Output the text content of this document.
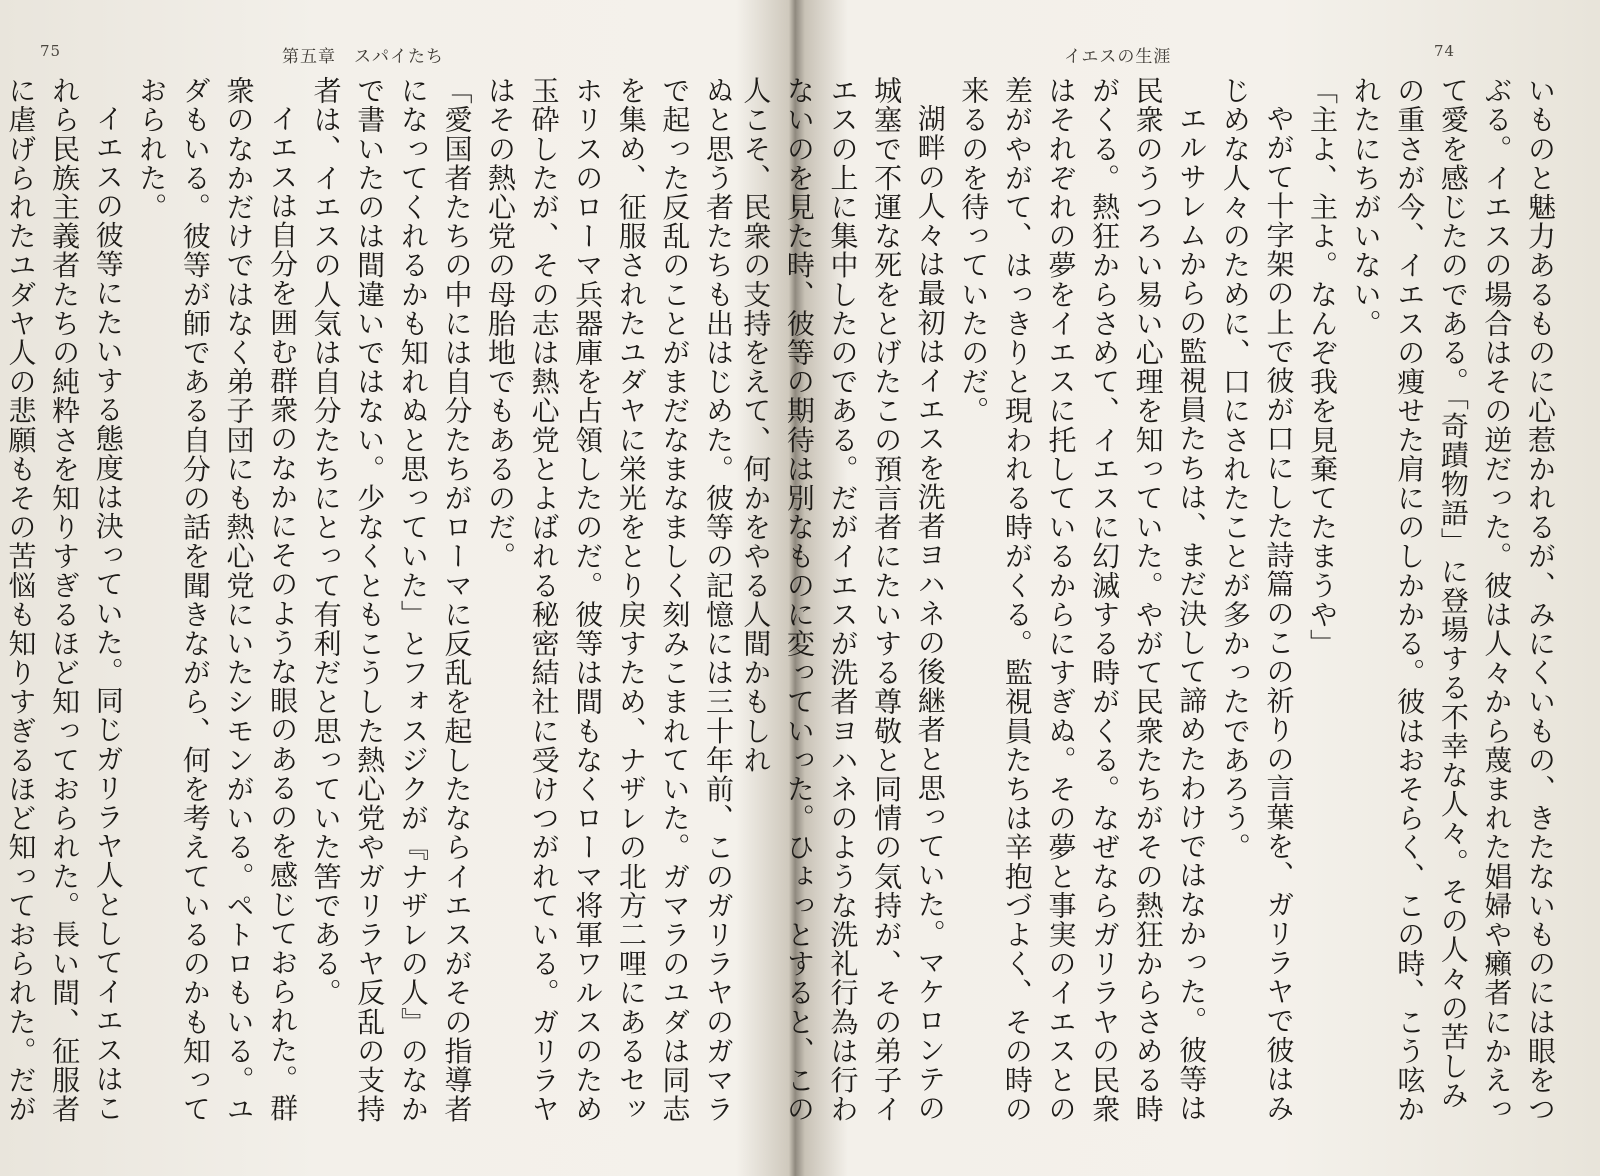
75	第五章　スパイたち

ぬと思う者たちも出はじめた。彼等の記憶には三十年前、このガリラヤのガマラで起った反乱のことがまだなまなましく刻みこまれていた。ガマラのユダは同志を集め、征服されたユダヤに栄光をとり戻すため、ナザレの北方二哩にあるセッホリスのローマ兵器庫を占領したのだ。彼等は間もなくローマ将軍ワルスのため玉砕したが、その志は熱心党とよばれる秘密結社に受けつがれている。ガリラヤはその熱心党の母胎地でもあるのだ。

「愛国者たちの中には自分たちがローマに反乱を起したならイエスがその指導者になってくれるかも知れぬと思っていた」とフォスジクが『ナザレの人』のなかで書いたのは間違いではない。少なくともこうした熱心党やガリラヤ反乱の支持者は、イエスの人気は自分たちにとって有利だと思っていた筈である。

イエスは自分を囲む群衆のなかにそのような眼のあるのを感じておられた。群衆のなかだけではなく弟子団にも熱心党にいたシモンがいる。ペトロもいる。ユダもいる。彼等が師である自分の話を聞きながら、何を考えているのかも知っておられた。

イエスの彼等にたいする態度は決っていた。同じガリラヤ人としてイエスはこれら民族主義者たちの純粋さを知りすぎるほど知っておられた。長い間、征服者に虐げられたユダヤ人の悲願もその苦悩も知りすぎるほど知っておられた。だが

イエスの生涯	74

いものと魅力あるものに心惹かれるが、みにくいもの、きたないものには眼をつぶる。イエスの場合はその逆だった。彼は人々から蔑まれた娼婦や癩者にかえって愛を感じたのである。「奇蹟物語」に登場する不幸な人々。その人々の苦しみの重さが今、イエスの痩せた肩にのしかかる。彼はおそらく、この時、こう呟かれたにちがいない。

「主よ、主よ。なんぞ我を見棄てたまうや」

やがて十字架の上で彼が口にした詩篇のこの祈りの言葉を、ガリラヤで彼はみじめな人々のために、口にされたことが多かったであろう。

エルサレムからの監視員たちは、まだ決して諦めたわけではなかった。彼等は民衆のうつろい易い心理を知っていた。やがて民衆たちがその熱狂からさめる時がくる。熱狂からさめて、イエスに幻滅する時がくる。なぜならガリラヤの民衆はそれぞれの夢をイエスに托しているからにすぎぬ。その夢と事実のイエスとの差がやがて、はっきりと現われる時がくる。監視員たちは辛抱づよく、その時の来るのを待っていたのだ。

湖畔の人々は最初はイエスを洗者ヨハネの後継者と思っていた。マケロンテの城塞で不運な死をとげたこの預言者にたいする尊敬と同情の気持が、その弟子イエスの上に集中したのである。だがイエスが洗者ヨハネのような洗礼行為は行わないのを見た時、彼等の期待は別なものに変っていった。ひょっとすると、この人こそ、民衆の支持をえて、何かをやる人間かもしれ
